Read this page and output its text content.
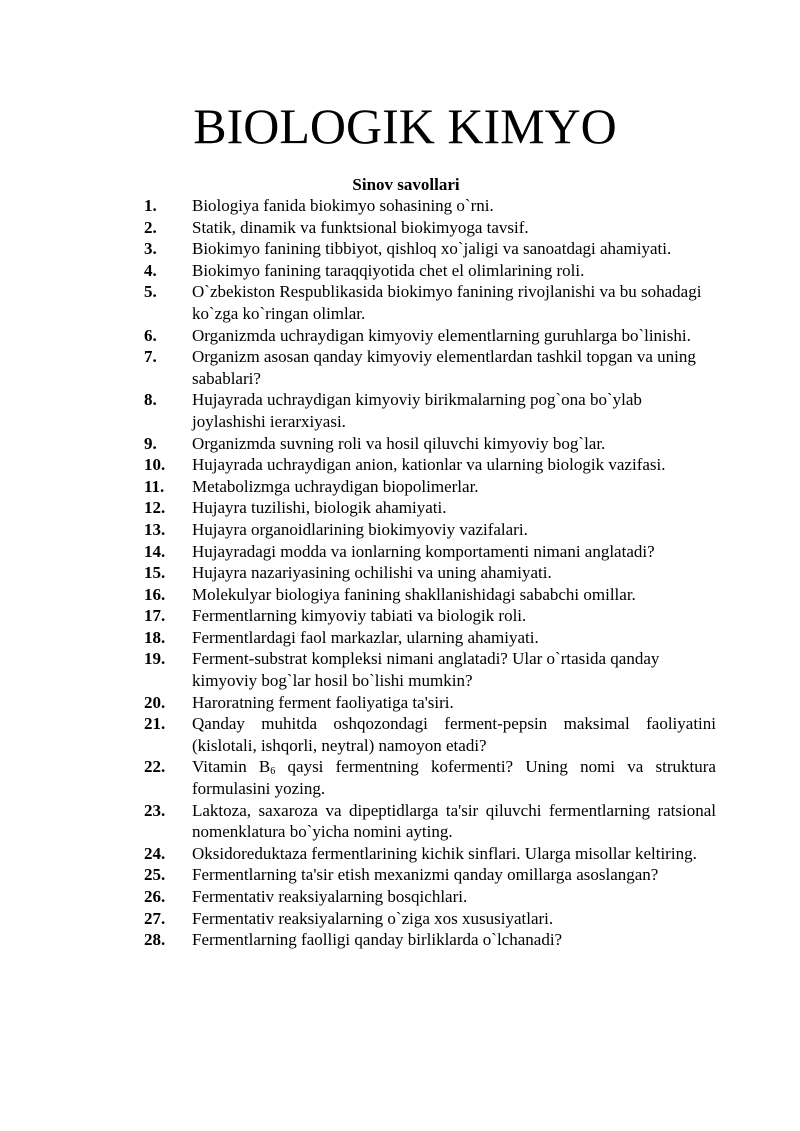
BIOLOGIK KIMYO
Sinov savollari
1. Biologiya fanida biokimyo sohasining o`rni.
2. Statik, dinamik va funktsional biokimyoga tavsif.
3. Biokimyo fanining tibbiyot, qishloq xo`jaligi va sanoatdagi ahamiyati.
4. Biokimyo fanining taraqqiyotida chet el olimlarining roli.
5. O`zbekiston Respublikasida biokimyo fanining rivojlanishi va bu sohadagi ko`zga ko`ringan olimlar.
6. Organizmda uchraydigan kimyoviy elementlarning guruhlarga bo`linishi.
7. Organizm asosan qanday kimyoviy elementlardan tashkil topgan va uning sabablari?
8. Hujayrada uchraydigan kimyoviy birikmalarning pog`ona bo`ylab joylashishi ierarxiyasi.
9. Organizmda suvning roli va hosil qiluvchi kimyoviy bog`lar.
10. Hujayrada uchraydigan anion, kationlar va ularning biologik vazifasi.
11. Metabolizmga uchraydigan biopolimerlar.
12. Hujayra tuzilishi, biologik ahamiyati.
13. Hujayra organoidlarining biokimyoviy vazifalari.
14. Hujayradagi modda va ionlarning komportamenti nimani anglatadi?
15. Hujayra nazariyasining ochilishi va uning ahamiyati.
16. Molekulyar biologiya fanining shakllanishidagi sababchi omillar.
17. Fermentlarning kimyoviy tabiati va biologik roli.
18. Fermentlardagi faol markazlar, ularning ahamiyati.
19. Ferment-substrat kompleksi nimani anglatadi? Ular o`rtasida qanday kimyoviy bog`lar hosil bo`lishi mumkin?
20. Haroratning ferment faoliyatiga ta'siri.
21. Qanday muhitda oshqozondagi ferment-pepsin maksimal faoliyatini (kislotali, ishqorli, neytral) namoyon etadi?
22. Vitamin $B_6$ qaysi fermentning kofermenti? Uning nomi va struktura formulasini yozing.
23. Laktoza, saxaroza va dipeptidlarga ta'sir qiluvchi fermentlarning ratsional nomenklatura bo`yicha nomini ayting.
24. Oksidoreduktaza fermentlarining kichik sinflari. Ularga misollar keltiring.
25. Fermentlarning ta'sir etish mexanizmi qanday omillarga asoslangan?
26. Fermentativ reaksiyalarning bosqichlari.
27. Fermentativ reaksiyalarning o`ziga xos xususiyatlari.
28. Fermentlarning faolligi qanday birliklarda o`lchanadi?
